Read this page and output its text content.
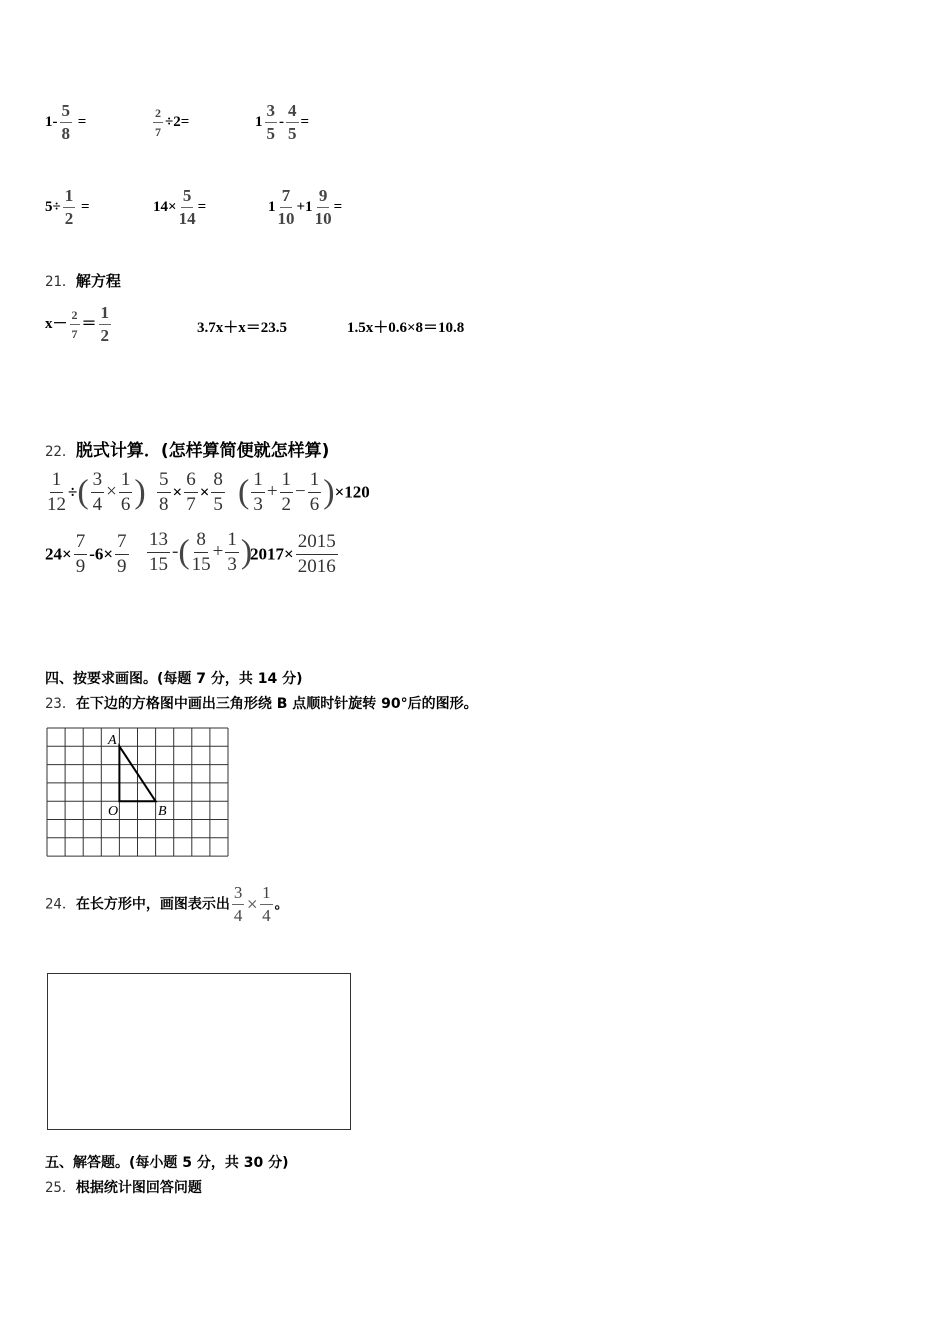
$1- \frac{5}{8}$ =	$\frac{2}{7} \div 2=$	$1 \frac{3}{5} - \frac{4}{5}$ =
$5\div \frac{1}{2}$ =	$14\times \frac{5}{14}$ =	$1 \frac{7}{10} +1 \frac{9}{10}$ =
21．解方程
$x- \frac{2}{7} = \frac{1}{2}$	3.7x＋x＝23.5	1.5x＋0.6×8＝10.8
22．脱式计算．(怎样算简便就怎样算)
$\frac{1}{12}$ ÷( $\frac{3}{4} \times \frac{1}{6}$ ) $\frac{5}{8} \times \frac{6}{7} \times \frac{8}{5}$ ( $\frac{1}{3} + \frac{1}{2} - \frac{1}{6} )\times 120$
$24\times \frac{7}{9} -6\times \frac{7}{9} \frac{13}{15}$ -( $\frac{8}{15} + \frac{1}{3}$ )
$2017\times \frac{2015}{2016}$
四、按要求画图。(每题 7 分，共 14 分)
23．在下边的方格图中画出三角形绕 B 点顺时针旋转 90°后的图形。
A
O	B
24．在长方形中，画图表示出 $\frac{3}{4} \times \frac{1}{4}$ 。
五、解答题。(每小题 5 分，共 30 分)
25．根据统计图回答问题
